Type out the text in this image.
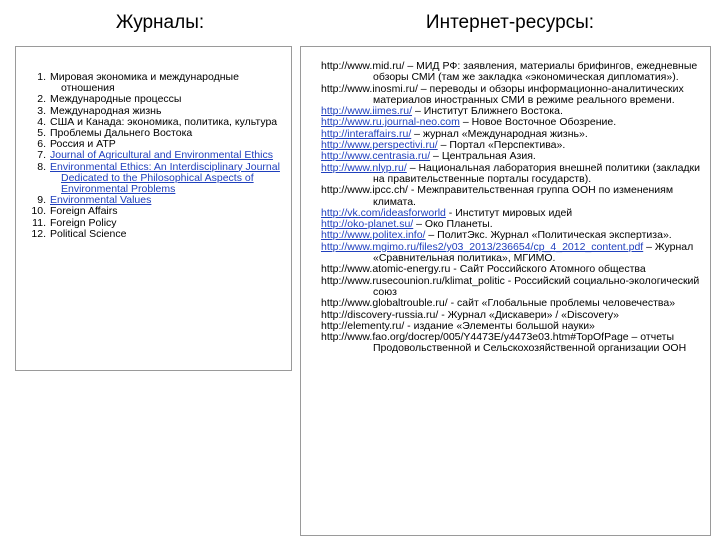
Журналы:	Интернет-ресурсы:
1. Мировая экономика и международные отношения
2. Международные процессы
3. Международная жизнь
4. США и Канада: экономика, политика, культура
5. Проблемы Дальнего Востока
6. Россия и АТР
7. Journal of Agricultural and Environmental Ethics
8. Environmental Ethics: An Interdisciplinary Journal Dedicated to the Philosophical Aspects of Environmental Problems
9. Environmental Values
10. Foreign Affairs
11. Foreign Policy
12. Political Science
http://www.mid.ru/ – МИД РФ: заявления, материалы брифингов, ежедневные обзоры СМИ (там же закладка «экономическая дипломатия»).
http://www.inosmi.ru/ – переводы и обзоры информационно-аналитических материалов иностранных СМИ в режиме реального времени.
http://www.iimes.ru/ – Институт Ближнего Востока.
http://www.ru.journal-neo.com – Новое Восточное Обозрение.
http://interaffairs.ru/ – журнал «Международная жизнь».
http://www.perspectivi.ru/ – Портал «Перспектива».
http://www.centrasia.ru/ – Центральная Азия.
http://www.nlyp.ru/ – Национальная лаборатория внешней политики (закладки на правительственные порталы государств).
http://www.ipcc.ch/ - Межправительственная группа ООН по изменениям климата.
http://vk.com/ideasforworld - Институт мировых идей
http://oko-planet.su/ – Око Планеты.
http://www.politex.info/ – ПолитЭкс. Журнал «Политическая экспертиза».
http://www.mgimo.ru/files2/y03_2013/236654/cp_4_2012_content.pdf – Журнал «Сравнительная политика», МГИМО.
http://www.atomic-energy.ru - Сайт Российского Атомного общества
http://www.rusecounion.ru/klimat_politic - Российский социально-экологический союз
http://www.globaltrouble.ru/ - сайт «Глобальные проблемы человечества»
http://discovery-russia.ru/ - Журнал «Дискавери» / «Discovery»
http://elementy.ru/ - издание «Элементы большой науки»
http://www.fao.org/docrep/005/Y4473E/y4473e03.htm#TopOfPage – отчеты Продовольственной и Сельскохозяйственной организации ООН
